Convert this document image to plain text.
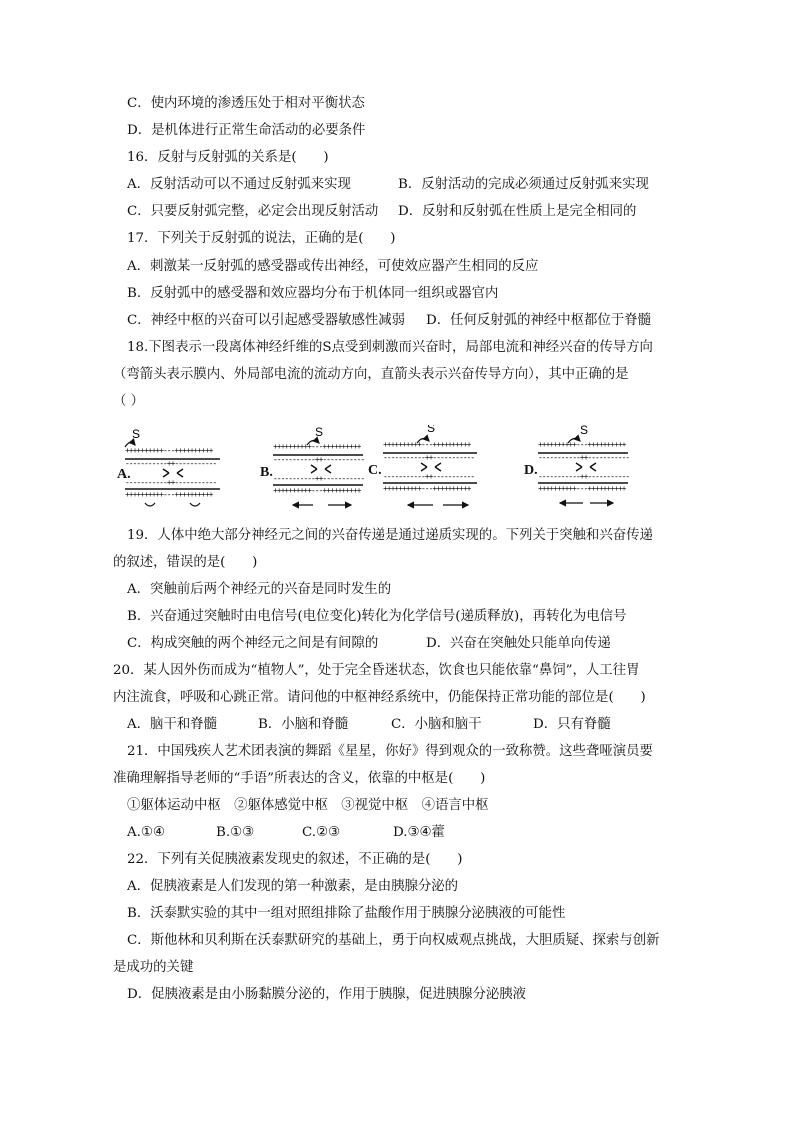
C．使内环境的渗透压处于相对平衡状态
D．是机体进行正常生命活动的必要条件
16．反射与反射弧的关系是(　　)
A．反射活动可以不通过反射弧来实现	B．反射活动的完成必须通过反射弧来实现
C．只要反射弧完整，必定会出现反射活动 D．反射和反射弧在性质上是完全相同的
17．下列关于反射弧的说法，正确的是(　　)
A．刺激某一反射弧的感受器或传出神经，可使效应器产生相同的反应
B．反射弧中的感受器和效应器均分布于机体同一组织或器官内
C．神经中枢的兴奋可以引起感受器敏感性减弱 D．任何反射弧的神经中枢都位于脊髓
18.下图表示一段离体神经纤维的S点受到刺激而兴奋时，局部电流和神经兴奋的传导方向
（弯箭头表示膜内、外局部电流的流动方向，直箭头表示兴奋传导方向），其中正确的是
（ ）
S
++++++++++---++++++++++
-----------++-----------
-----------++-----------
++++++++++---++++++++++
S
++++++++++---++++++++++
-----------++-----------
-----------++-----------
++++++++++---++++++++++
S
++++++++++---++++++++++
-----------++-----------
-----------++-----------
++++++++++---++++++++++
S
++++++++++---++++++++++
-----------++-----------
-----------++-----------
++++++++++---++++++++++
A.	B.	C.	D.
19．人体中绝大部分神经元之间的兴奋传递是通过递质实现的。下列关于突触和兴奋传递
的叙述，错误的是(　　)
A．突触前后两个神经元的兴奋是同时发生的
B．兴奋通过突触时由电信号(电位变化)转化为化学信号(递质释放)，再转化为电信号
C．构成突触的两个神经元之间是有间隙的	D．兴奋在突触处只能单向传递
20．某人因外伤而成为“植物人”，处于完全昏迷状态，饮食也只能依靠“鼻饲”，人工往胃
内注流食，呼吸和心跳正常。请问他的中枢神经系统中，仍能保持正常功能的部位是(　　)
A．脑干和脊髓	B．小脑和脊髓	C．小脑和脑干	D．只有脊髓
21．中国残疾人艺术团表演的舞蹈《星星，你好》得到观众的一致称赞。这些聋哑演员要
准确理解指导老师的“手语”所表达的含义，依靠的中枢是(　　)
①躯体运动中枢　②躯体感觉中枢　③视觉中枢　④语言中枢
A.①④	B.①③	C.②③	D.③④藿
22．下列有关促胰液素发现史的叙述，不正确的是(　　)
A．促胰液素是人们发现的第一种激素，是由胰腺分泌的
B．沃泰默实验的其中一组对照组排除了盐酸作用于胰腺分泌胰液的可能性
C．斯他林和贝利斯在沃泰默研究的基础上，勇于向权威观点挑战，大胆质疑、探索与创新
是成功的关键
D．促胰液素是由小肠黏膜分泌的，作用于胰腺，促进胰腺分泌胰液
